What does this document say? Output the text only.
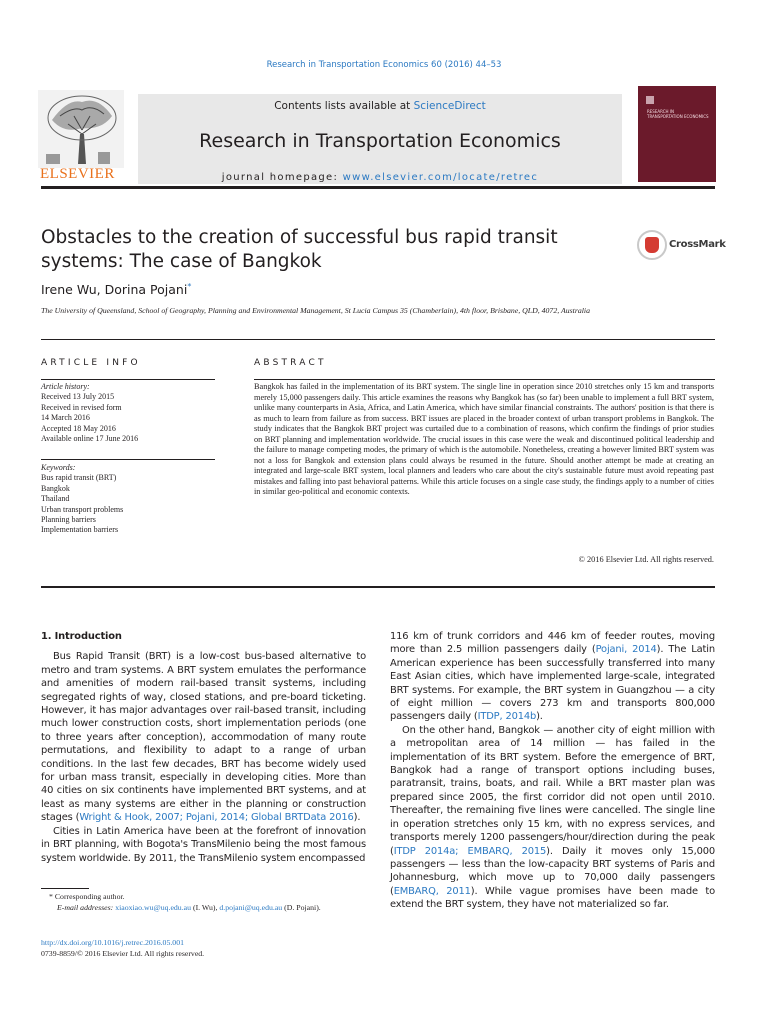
Research in Transportation Economics 60 (2016) 44–53
ELSEVIER
Contents lists available at ScienceDirect
Research in Transportation Economics
journal homepage: www.elsevier.com/locate/retrec
RESEARCH IN TRANSPORTATION ECONOMICS
Obstacles to the creation of successful bus rapid transit systems: The case of Bangkok
CrossMark
Irene Wu, Dorina Pojani*
The University of Queensland, School of Geography, Planning and Environmental Management, St Lucia Campus 35 (Chamberlain), 4th floor, Brisbane, QLD, 4072, Australia
ARTICLE INFO	ABSTRACT
Article history:
Received 13 July 2015
Received in revised form
14 March 2016
Accepted 18 May 2016
Available online 17 June 2016
Keywords:
Bus rapid transit (BRT)
Bangkok
Thailand
Urban transport problems
Planning barriers
Implementation barriers
Bangkok has failed in the implementation of its BRT system. The single line in operation since 2010 stretches only 15 km and transports merely 15,000 passengers daily. This article examines the reasons why Bangkok has (so far) been unable to implement a full BRT system, unlike many counterparts in Asia, Africa, and Latin America, which have similar financial constraints. The authors' position is that there is as much to learn from failure as from success. BRT issues are placed in the broader context of urban transport problems in Bangkok. The study indicates that the Bangkok BRT project was curtailed due to a combination of reasons, which confirm the findings of prior studies on BRT planning and implementation worldwide. The crucial issues in this case were the weak and discontinued political leadership and the failure to manage competing modes, the primary of which is the automobile. Nonetheless, creating a however limited BRT system was not a loss for Bangkok and extension plans could always be resumed in the future. Should another attempt be made at creating an integrated and large-scale BRT system, local planners and leaders who care about the city's sustainable future must avoid repeating past mistakes and falling into past behavioral patterns. While this article focuses on a single case study, the findings apply to a number of cities in similar geo-political and economic contexts.
© 2016 Elsevier Ltd. All rights reserved.
1. Introduction

Bus Rapid Transit (BRT) is a low-cost bus-based alternative to metro and tram systems. A BRT system emulates the performance and amenities of modern rail-based transit systems, including segregated rights of way, closed stations, and pre-board ticketing. However, it has major advantages over rail-based transit, including much lower construction costs, short implementation periods (one to three years after conception), accommodation of many route permutations, and flexibility to adapt to a range of urban conditions. In the last few decades, BRT has become widely used for urban mass transit, especially in developing cities. More than 40 cities on six continents have implemented BRT systems, and at least as many systems are either in the planning or construction stages (Wright & Hook, 2007; Pojani, 2014; Global BRTData 2016).

Cities in Latin America have been at the forefront of innovation in BRT planning, with Bogota's TransMilenio being the most famous system worldwide. By 2011, the TransMilenio system encompassed

116 km of trunk corridors and 446 km of feeder routes, moving more than 2.5 million passengers daily (Pojani, 2014). The Latin American experience has been successfully transferred into many East Asian cities, which have implemented large-scale, integrated BRT systems. For example, the BRT system in Guangzhou — a city of eight million — covers 273 km and transports 800,000 passengers daily (ITDP, 2014b).

On the other hand, Bangkok — another city of eight million with a metropolitan area of 14 million — has failed in the implementation of its BRT system. Before the emergence of BRT, Bangkok had a range of transport options including buses, paratransit, trains, boats, and rail. While a BRT master plan was prepared since 2005, the first corridor did not open until 2010. Thereafter, the remaining five lines were cancelled. The single line in operation stretches only 15 km, with no express services, and transports merely 1200 passengers/hour/direction during the peak (ITDP 2014a; EMBARQ, 2015). Daily it moves only 15,000 passengers — less than the low-capacity BRT systems of Paris and Johannesburg, which move up to 70,000 daily passengers (EMBARQ, 2011). While vague promises have been made to extend the BRT system, they have not materialized so far.

* Corresponding author.
E-mail addresses: xiaoxiao.wu@uq.edu.au (I. Wu), d.pojani@uq.edu.au (D. Pojani).
http://dx.doi.org/10.1016/j.retrec.2016.05.001
0739-8859/© 2016 Elsevier Ltd. All rights reserved.
